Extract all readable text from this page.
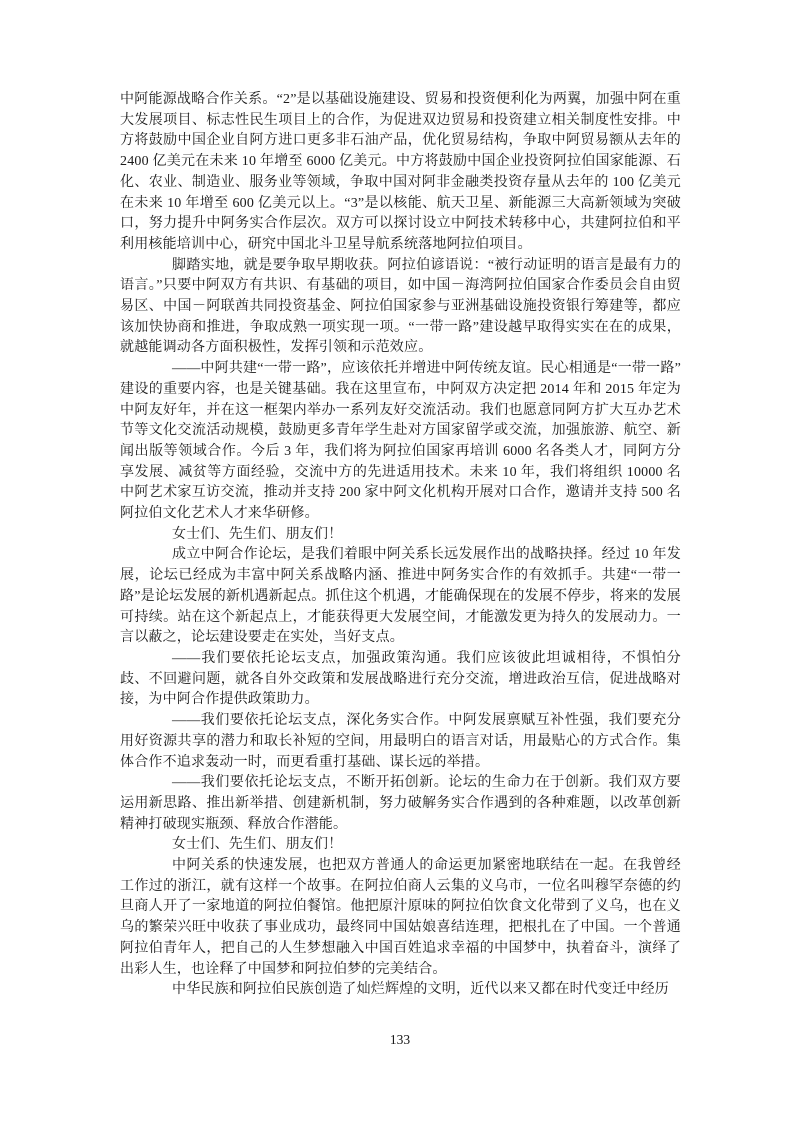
中阿能源战略合作关系。“2”是以基础设施建设、贸易和投资便利化为两翼，加强中阿在重大发展项目、标志性民生项目上的合作，为促进双边贸易和投资建立相关制度性安排。中方将鼓励中国企业自阿方进口更多非石油产品，优化贸易结构，争取中阿贸易额从去年的 2400 亿美元在未来 10 年增至 6000 亿美元。中方将鼓励中国企业投资阿拉伯国家能源、石化、农业、制造业、服务业等领域，争取中国对阿非金融类投资存量从去年的 100 亿美元在未来 10 年增至 600 亿美元以上。“3”是以核能、航天卫星、新能源三大高新领域为突破口，努力提升中阿务实合作层次。双方可以探讨设立中阿技术转移中心，共建阿拉伯和平利用核能培训中心，研究中国北斗卫星导航系统落地阿拉伯项目。

脚踏实地，就是要争取早期收获。阿拉伯谚语说：“被行动证明的语言是最有力的语言。”只要中阿双方有共识、有基础的项目，如中国－海湾阿拉伯国家合作委员会自由贸易区、中国－阿联酋共同投资基金、阿拉伯国家参与亚洲基础设施投资银行筹建等，都应该加快协商和推进，争取成熟一项实现一项。“一带一路”建设越早取得实实在在的成果，就越能调动各方面积极性，发挥引领和示范效应。

——中阿共建“一带一路”，应该依托并增进中阿传统友谊。民心相通是“一带一路”建设的重要内容，也是关键基础。我在这里宣布，中阿双方决定把 2014 年和 2015 年定为中阿友好年，并在这一框架内举办一系列友好交流活动。我们也愿意同阿方扩大互办艺术节等文化交流活动规模，鼓励更多青年学生赴对方国家留学或交流，加强旅游、航空、新闻出版等领域合作。今后 3 年，我们将为阿拉伯国家再培训 6000 名各类人才，同阿方分享发展、减贫等方面经验，交流中方的先进适用技术。未来 10 年，我们将组织 10000 名中阿艺术家互访交流，推动并支持 200 家中阿文化机构开展对口合作，邀请并支持 500 名阿拉伯文化艺术人才来华研修。

女士们、先生们、朋友们！

成立中阿合作论坛，是我们着眼中阿关系长远发展作出的战略抉择。经过 10 年发展，论坛已经成为丰富中阿关系战略内涵、推进中阿务实合作的有效抓手。共建“一带一路”是论坛发展的新机遇新起点。抓住这个机遇，才能确保现在的发展不停步，将来的发展可持续。站在这个新起点上，才能获得更大发展空间，才能激发更为持久的发展动力。一言以蔽之，论坛建设要走在实处，当好支点。

——我们要依托论坛支点，加强政策沟通。我们应该彼此坦诚相待，不惧怕分歧、不回避问题，就各自外交政策和发展战略进行充分交流，增进政治互信，促进战略对接，为中阿合作提供政策助力。

——我们要依托论坛支点，深化务实合作。中阿发展禀赋互补性强，我们要充分用好资源共享的潜力和取长补短的空间，用最明白的语言对话，用最贴心的方式合作。集体合作不追求轰动一时，而更看重打基础、谋长远的举措。

——我们要依托论坛支点，不断开拓创新。论坛的生命力在于创新。我们双方要运用新思路、推出新举措、创建新机制，努力破解务实合作遇到的各种难题，以改革创新精神打破现实瓶颈、释放合作潜能。

女士们、先生们、朋友们！

中阿关系的快速发展，也把双方普通人的命运更加紧密地联结在一起。在我曾经工作过的浙江，就有这样一个故事。在阿拉伯商人云集的义乌市，一位名叫穆罕奈德的约旦商人开了一家地道的阿拉伯餐馆。他把原汁原味的阿拉伯饮食文化带到了义乌，也在义乌的繁荣兴旺中收获了事业成功，最终同中国姑娘喜结连理，把根扎在了中国。一个普通阿拉伯青年人，把自己的人生梦想融入中国百姓追求幸福的中国梦中，执着奋斗，演绎了出彩人生，也诠释了中国梦和阿拉伯梦的完美结合。

中华民族和阿拉伯民族创造了灿烂辉煌的文明，近代以来又都在时代变迁中经历

133
